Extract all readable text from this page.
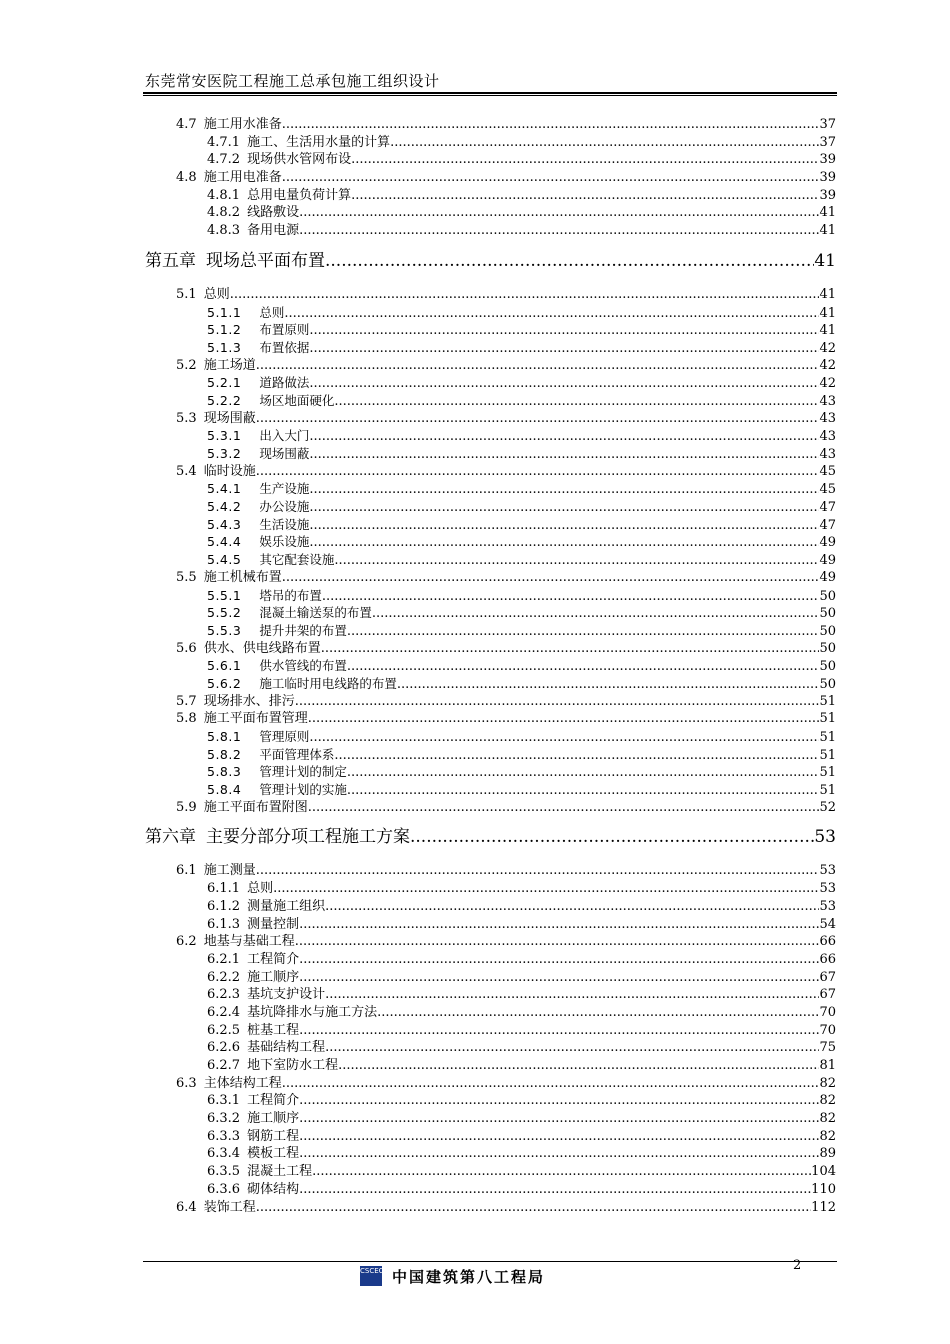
东莞常安医院工程施工总承包施工组织设计
4.7 施工用水准备 .....	37
4.7.1 施工、生活用水量的计算 .....	37
4.7.2 现场供水管网布设 .....	39
4.8 施工用电准备 .....	39
4.8.1 总用电量负荷计算 .....	39
4.8.2 线路敷设 .....	41
4.8.3 备用电源 .....	41
第五章 现场总平面布置 .....	41
5.1 总则 .....	41
5.1.1 总则 .....	41
5.1.2 布置原则 .....	41
5.1.3 布置依据 .....	42
5.2 施工场道 .....	42
5.2.1 道路做法 .....	42
5.2.2 场区地面硬化 .....	43
5.3 现场围蔽 .....	43
5.3.1 出入大门 .....	43
5.3.2 现场围蔽 .....	43
5.4 临时设施 .....	45
5.4.1 生产设施 .....	45
5.4.2 办公设施 .....	47
5.4.3 生活设施 .....	47
5.4.4 娱乐设施 .....	49
5.4.5 其它配套设施 .....	49
5.5 施工机械布置 .....	49
5.5.1 塔吊的布置 .....	50
5.5.2 混凝土输送泵的布置 .....	50
5.5.3 提升井架的布置 .....	50
5.6 供水、供电线路布置 .....	50
5.6.1 供水管线的布置 .....	50
5.6.2 施工临时用电线路的布置 .....	50
5.7 现场排水、排污 .....	51
5.8 施工平面布置管理 .....	51
5.8.1 管理原则 .....	51
5.8.2 平面管理体系 .....	51
5.8.3 管理计划的制定 .....	51
5.8.4 管理计划的实施 .....	51
5.9 施工平面布置附图 .....	52
第六章 主要分部分项工程施工方案 .....	53
6.1 施工测量 .....	53
6.1.1 总则 .....	53
6.1.2 测量施工组织 .....	53
6.1.3 测量控制 .....	54
6.2 地基与基础工程 .....	66
6.2.1 工程简介 .....	66
6.2.2 施工顺序 .....	67
6.2.3 基坑支护设计 .....	67
6.2.4 基坑降排水与施工方法 .....	70
6.2.5 桩基工程 .....	70
6.2.6 基础结构工程 .....	75
6.2.7 地下室防水工程 .....	81
6.3 主体结构工程 .....	82
6.3.1 工程简介 .....	82
6.3.2 施工顺序 .....	82
6.3.3 钢筋工程 .....	82
6.3.4 模板工程 .....	89
6.3.5 混凝土工程 .....	104
6.3.6 砌体结构 .....	110
6.4 装饰工程 .....	112
2
CSCEC 中国建筑第八工程局
